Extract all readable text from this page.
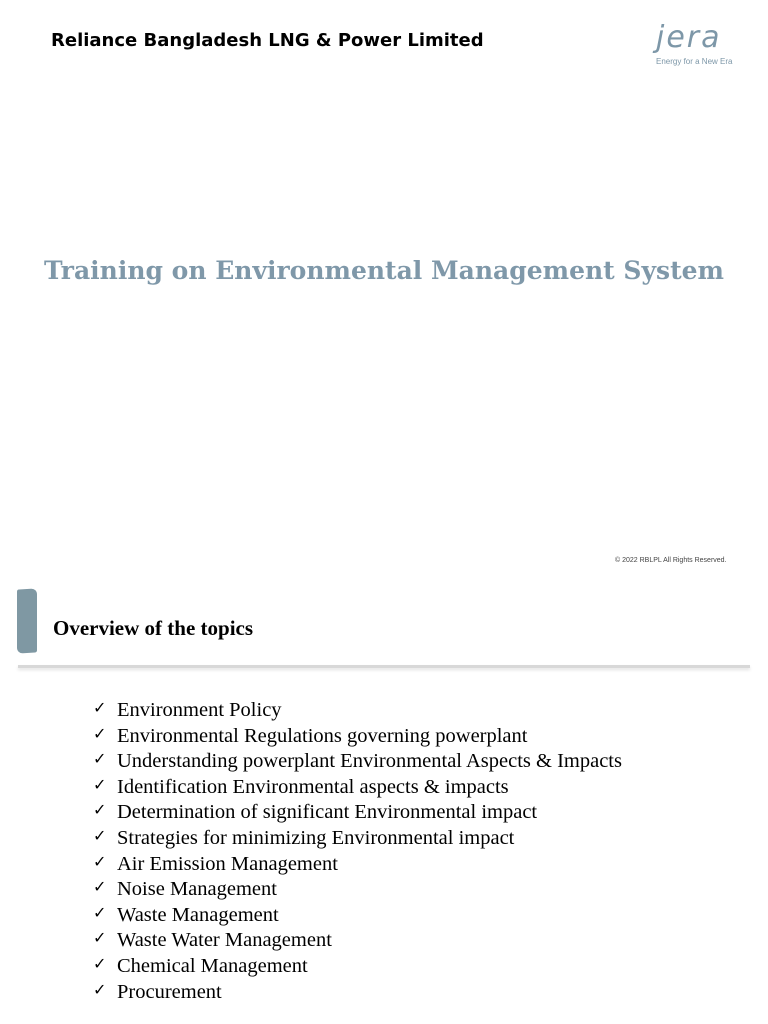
Reliance Bangladesh LNG & Power Limited	jera
Energy for a New Era
Training on Environmental Management System
© 2022 RBLPL All Rights Reserved.
Overview of the topics
✓ Environment Policy
✓ Environmental Regulations governing powerplant
✓ Understanding powerplant Environmental Aspects & Impacts
✓ Identification Environmental aspects & impacts
✓ Determination of significant Environmental impact
✓ Strategies for minimizing Environmental impact
✓ Air Emission Management
✓ Noise Management
✓ Waste Management
✓ Waste Water Management
✓ Chemical Management
✓ Procurement
